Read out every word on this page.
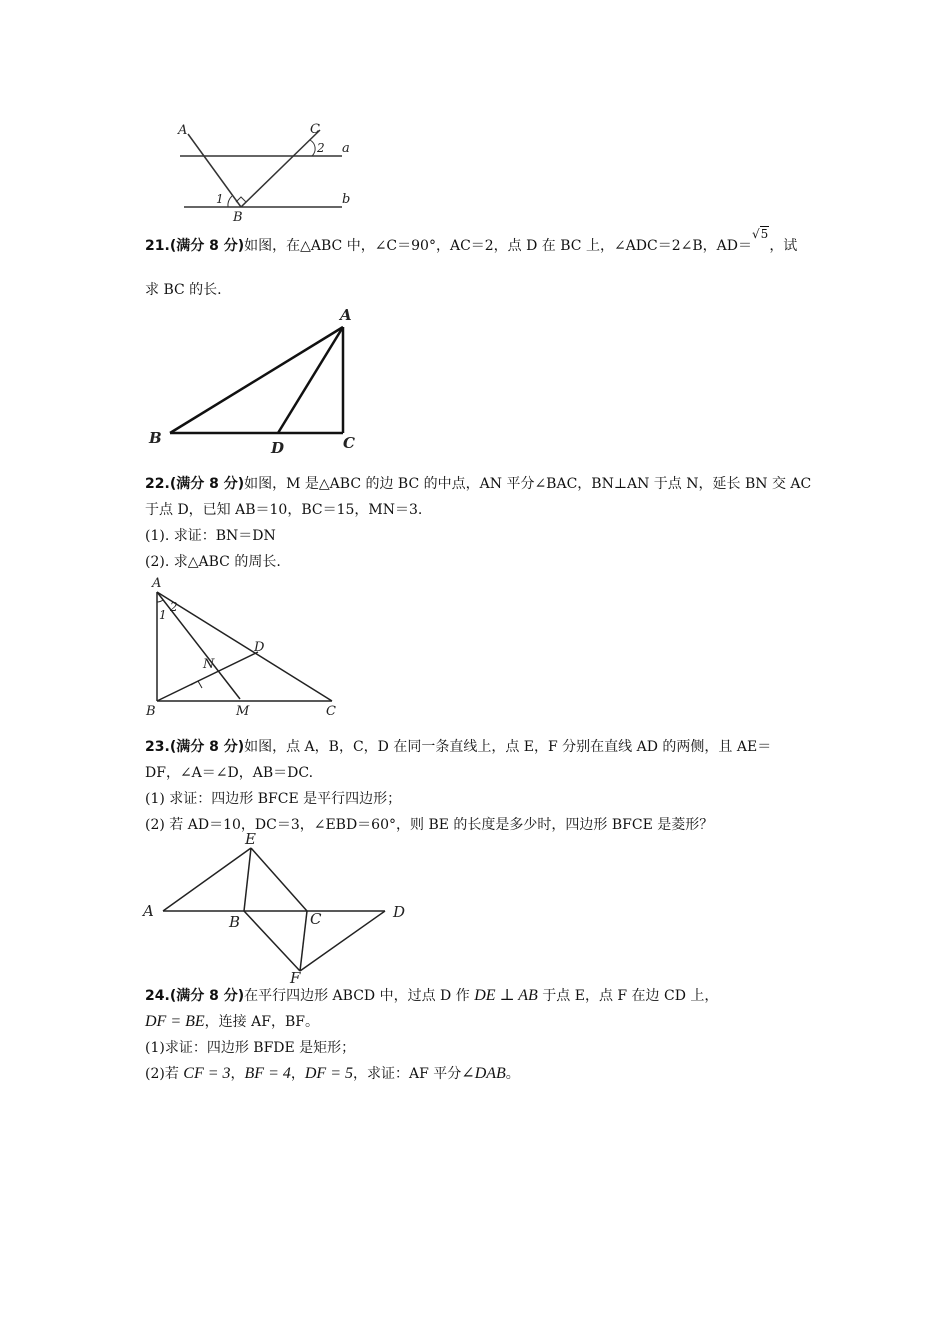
A	C
2 a
1	b
B
21.(满分 8 分)如图，在△ABC 中，∠C＝90°，AC＝2，点 D 在 BC 上，∠ADC＝2∠B，AD＝√5，试
求 BC 的长.
A
B
D	C
22.(满分 8 分)如图，M 是△ABC 的边 BC 的中点，AN 平分∠BAC，BN⊥AN 于点 N，延长 BN 交 AC
于点 D，已知 AB＝10，BC＝15，MN＝3.
(1). 求证：BN＝DN
(2). 求△ABC 的周长.
A
1
2
N
D
B	M	C
23.(满分 8 分)如图，点 A，B，C，D 在同一条直线上，点 E，F 分别在直线 AD 的两侧，且 AE＝
DF，∠A＝∠D，AB＝DC.
(1) 求证：四边形 BFCE 是平行四边形；
(2) 若 AD＝10，DC＝3，∠EBD＝60°，则 BE 的长度是多少时，四边形 BFCE 是菱形？
E
A
B	C	D
F
24.(满分 8 分)在平行四边形 ABCD 中，过点 D 作 DE ⊥ AB 于点 E，点 F 在边 CD 上，
DF = BE，连接 AF，BF。
(1)求证：四边形 BFDE 是矩形；
(2)若 CF = 3，BF = 4，DF = 5，求证：AF 平分∠DAB。
